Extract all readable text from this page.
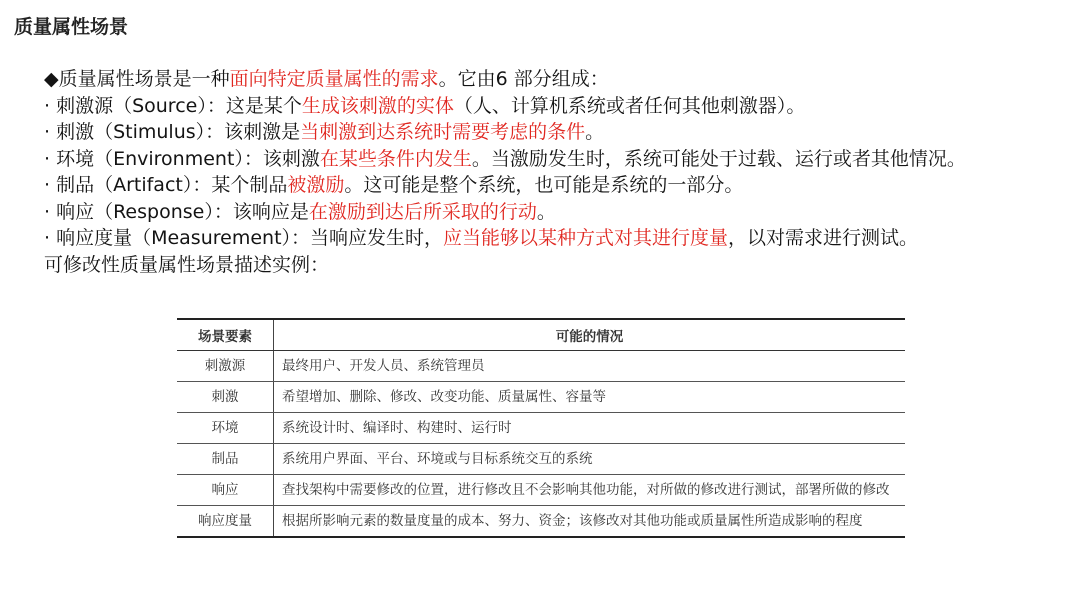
质量属性场景
◆质量属性场景是一种面向特定质量属性的需求。它由6 部分组成：
· 刺激源（Source）：这是某个生成该刺激的实体（人、计算机系统或者任何其他刺激器）。
· 刺激（Stimulus）：该刺激是当刺激到达系统时需要考虑的条件。
· 环境（Environment）：该刺激在某些条件内发生。当激励发生时，系统可能处于过载、运行或者其他情况。
· 制品（Artifact）：某个制品被激励。这可能是整个系统，也可能是系统的一部分。
· 响应（Response）：该响应是在激励到达后所采取的行动。
· 响应度量（Measurement）：当响应发生时，应当能够以某种方式对其进行度量，以对需求进行测试。
可修改性质量属性场景描述实例：
场景要素	可能的情况
刺激源	最终用户、开发人员、系统管理员
刺激	希望增加、删除、修改、改变功能、质量属性、容量等
环境	系统设计时、编译时、构建时、运行时
制品	系统用户界面、平台、环境或与目标系统交互的系统
响应	查找架构中需要修改的位置，进行修改且不会影响其他功能，对所做的修改进行测试，部署所做的修改
响应度量	根据所影响元素的数量度量的成本、努力、资金；该修改对其他功能或质量属性所造成影响的程度
